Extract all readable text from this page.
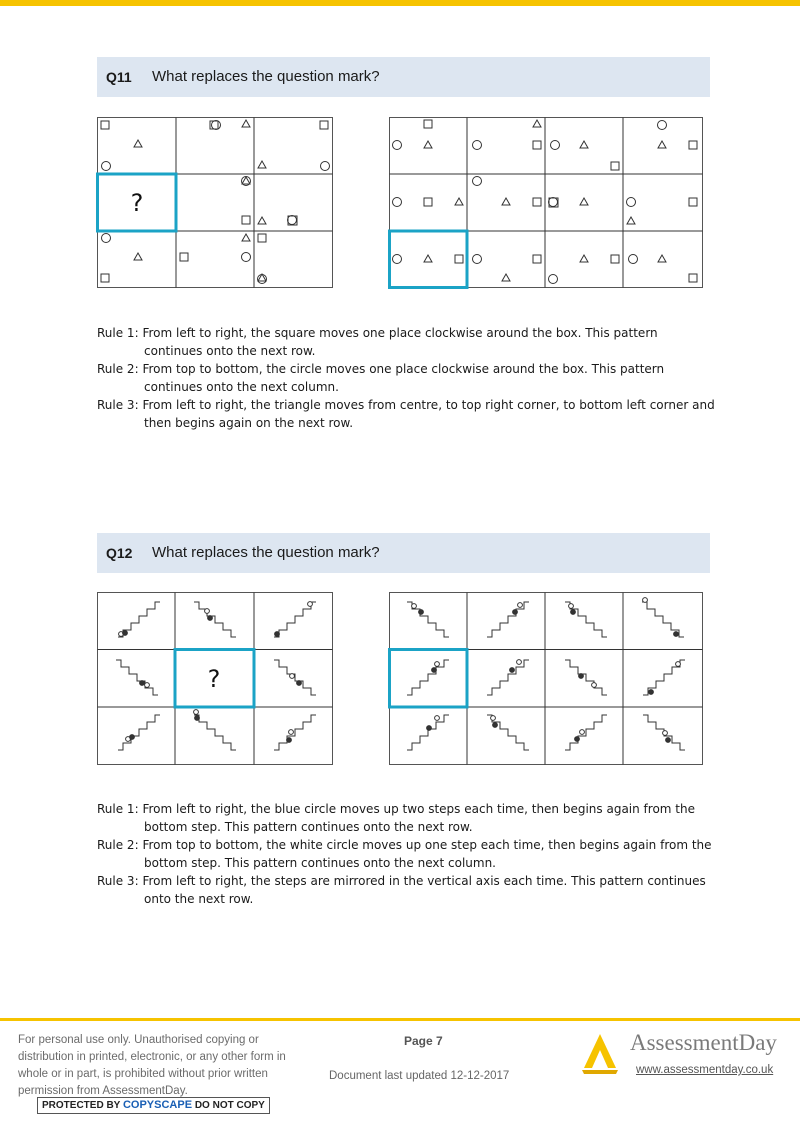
Q11 What replaces the question mark?
?
Rule 1: From left to right, the square moves one place clockwise around the box. This pattern continues onto the next row.
Rule 2: From top to bottom, the circle moves one place clockwise around the box. This pattern continues onto the next column.
Rule 3: From left to right, the triangle moves from centre, to top right corner, to bottom left corner and then begins again on the next row.
Q12 What replaces the question mark?
?
Rule 1: From left to right, the blue circle moves up two steps each time, then begins again from the bottom step. This pattern continues onto the next row.
Rule 2: From top to bottom, the white circle moves up one step each time, then begins again from the bottom step. This pattern continues onto the next column.
Rule 3: From left to right, the steps are mirrored in the vertical axis each time. This pattern continues onto the next row.
For personal use only. Unauthorised copying or distribution in printed, electronic, or any other form in whole or in part, is prohibited without prior written permission from AssessmentDay.
PROTECTED BY COPYSCAPE DO NOT COPY
Page 7
Document last updated 12-12-2017
AssessmentDay
www.assessmentday.co.uk
